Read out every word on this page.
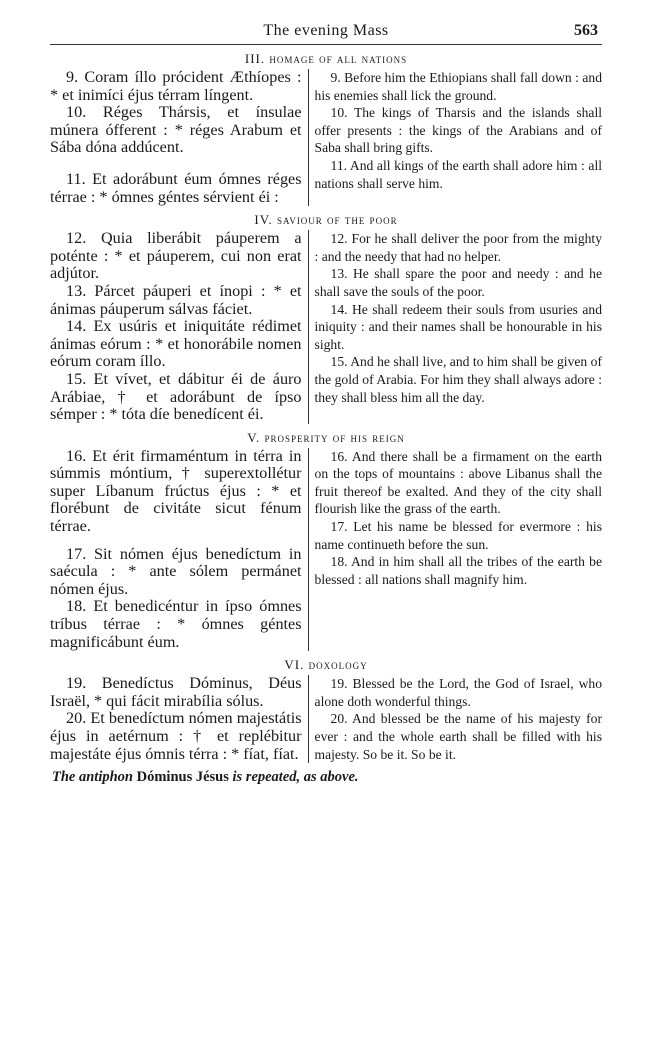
The evening Mass	563
III. homage of all nations

9. Coram íllo prócident Æthíopes : * et inimíci éjus térram língent.

10. Réges Thársis, et ínsulae múnera ófferent : * réges Arabum et Sába dóna addúcent.

11. Et adorábunt éum ómnes réges térrae : * ómnes géntes sérvient éi :

9. Before him the Ethiopians shall fall down : and his enemies shall lick the ground.

10. The kings of Tharsis and the islands shall offer presents : the kings of the Arabians and of Saba shall bring gifts.

11. And all kings of the earth shall adore him : all nations shall serve him.

IV. saviour of the poor

12. Quia liberábit páuperem a poténte : * et páuperem, cui non erat adjútor.

13. Párcet páuperi et ínopi : * et ánimas páuperum sálvas fáciet.

14. Ex usúris et iniquitáte rédimet ánimas eórum : * et honorábile nomen eórum coram íllo.

15. Et vívet, et dábitur éi de áuro Arábiae, † et adorábunt de ípso sémper : * tóta díe benedícent éi.

12. For he shall deliver the poor from the mighty : and the needy that had no helper.

13. He shall spare the poor and needy : and he shall save the souls of the poor.

14. He shall redeem their souls from usuries and iniquity : and their names shall be honourable in his sight.

15. And he shall live, and to him shall be given of the gold of Arabia. For him they shall always adore : they shall bless him all the day.

V. prosperity of his reign

16. Et érit firmaméntum in térra in súmmis móntium, † superextollétur super Líbanum frúctus éjus : * et florébunt de civitáte sicut fénum térrae.

17. Sit nómen éjus benedíctum in saécula : * ante sólem permánet nómen éjus.

18. Et benedicéntur in ípso ómnes tríbus térrae : * ómnes géntes magnificábunt éum.

16. And there shall be a firmament on the earth on the tops of mountains : above Libanus shall the fruit thereof be exalted. And they of the city shall flourish like the grass of the earth.

17. Let his name be blessed for evermore : his name continueth before the sun.

18. And in him shall all the tribes of the earth be blessed : all nations shall magnify him.

VI. doxology

19. Benedíctus Dóminus, Déus Israël, * qui fácit mirabília sólus.

20. Et benedíctum nómen majestátis éjus in aetérnum : † et replébitur majestáte éjus ómnis térra : * fíat, fíat.

19. Blessed be the Lord, the God of Israel, who alone doth wonderful things.

20. And blessed be the name of his majesty for ever : and the whole earth shall be filled with his majesty. So be it. So be it.

The antiphon Dóminus Jésus is repeated, as above.
